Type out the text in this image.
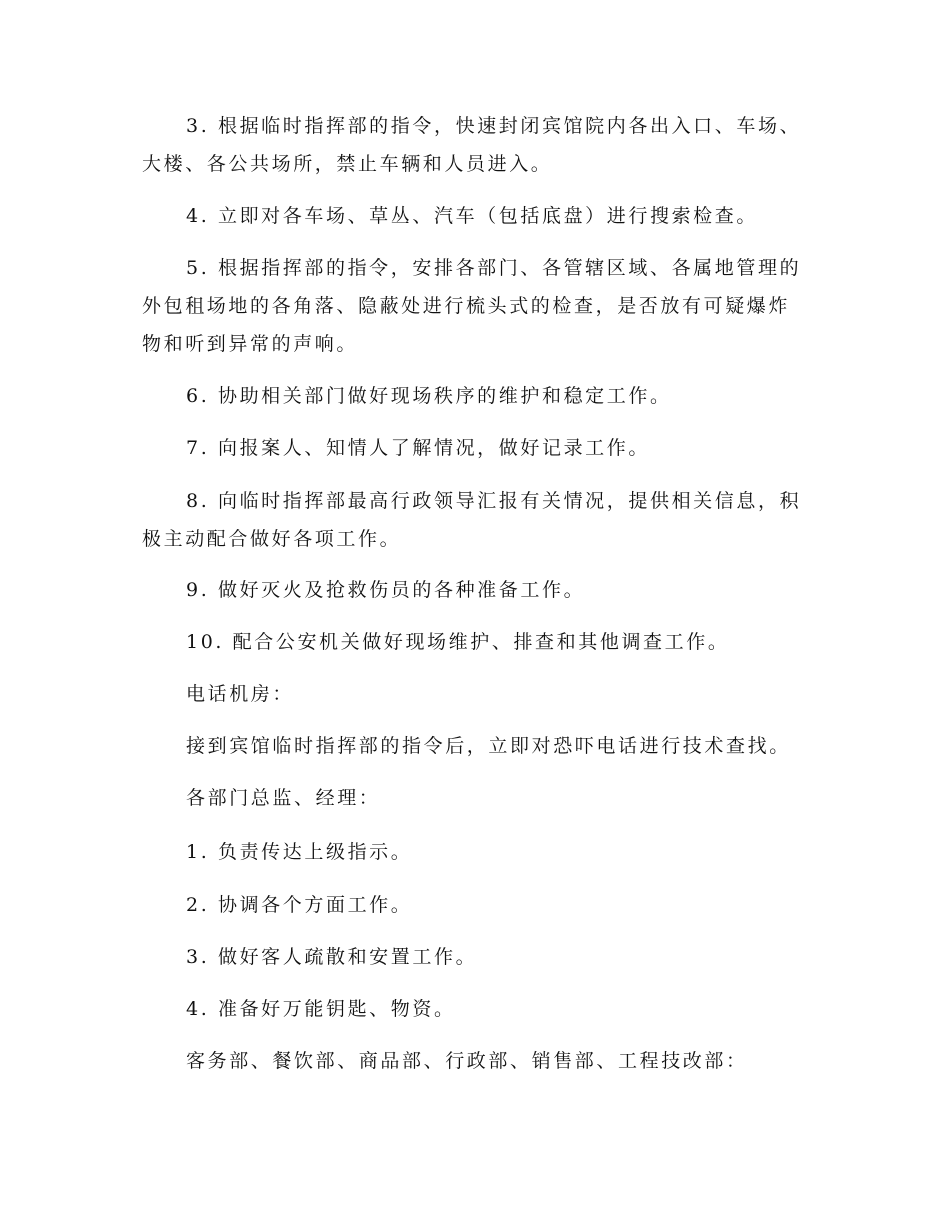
3. 根据临时指挥部的指令，快速封闭宾馆院内各出入口、车场、大楼、各公共场所，禁止车辆和人员进入。

4. 立即对各车场、草丛、汽车（包括底盘）进行搜索检查。

5. 根据指挥部的指令，安排各部门、各管辖区域、各属地管理的外包租场地的各角落、隐蔽处进行梳头式的检查，是否放有可疑爆炸物和听到异常的声响。

6. 协助相关部门做好现场秩序的维护和稳定工作。

7. 向报案人、知情人了解情况，做好记录工作。

8. 向临时指挥部最高行政领导汇报有关情况，提供相关信息，积极主动配合做好各项工作。

9. 做好灭火及抢救伤员的各种准备工作。

10. 配合公安机关做好现场维护、排查和其他调查工作。

电话机房：

接到宾馆临时指挥部的指令后，立即对恐吓电话进行技术查找。

各部门总监、经理：

1. 负责传达上级指示。

2. 协调各个方面工作。

3. 做好客人疏散和安置工作。

4. 准备好万能钥匙、物资。

客务部、餐饮部、商品部、行政部、销售部、工程技改部：
